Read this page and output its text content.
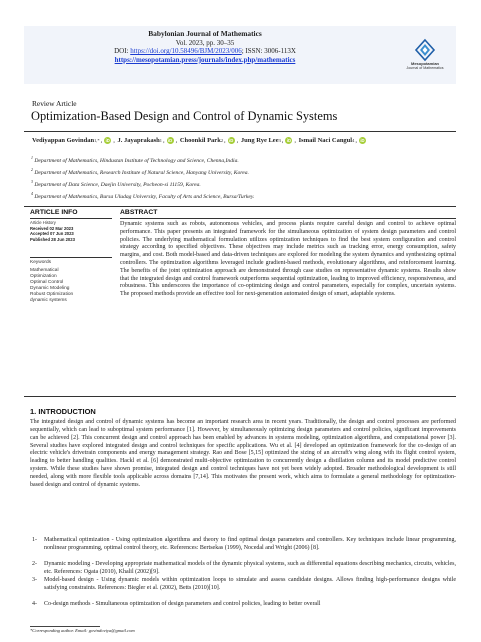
Babylonian Journal of Mathematics
Vol. 2023, pp. 30–35
DOI: https://doi.org/10.58496/BJM/2023/006; ISSN: 3006-113X
https://mesopotamian.press/journals/index.php/mathematics	Mesopotamian
Journal of Mathematics
Review Article
Optimization-Based Design and Control of Dynamic Systems
Vediyappan Govindan 1,* , iD , J. Jayaprakash 1 , iD , Choonkil Park 2 , iD , Jung Rye Lee 3 , iD , Ismail Naci Cangul 4 , iD
$^1$ Department of Mathematics, Hindustan Institute of Technology and Science, Chenna,India.
$^2$ Department of Mathematics, Research Institute of Natural Science, Hanyang University, Korea.
$^3$ Department of Data Science, Daejin University, Pocheon-si 11159, Korea.
$^4$ Department of Mathematics, Bursa Uludag University, Faculty of Arts and Science, Bursa/Turkey.
ARTICLE INFO
Article History
Received 02 Mar 2023
Accepted 07 Jun 2023
Published 28 Jun 2023
Keywords
Mathematical
Optimization
Optimal Control
Dynamic Modeling
Robust Optimization
dynamic systems
ABSTRACT
Dynamic systems such as robots, autonomous vehicles, and process plants require careful design and control to achieve optimal performance. This paper presents an integrated framework for the simultaneous optimization of system design parameters and control policies. The underlying mathematical formulation utilizes optimization techniques to find the best system configuration and control strategy according to specified objectives. These objectives may include metrics such as tracking error, energy consumption, safety margins, and cost. Both model-based and data-driven techniques are explored for modeling the system dynamics and synthesizing optimal controllers. The optimization algorithms leveraged include gradient-based methods, evolutionary algorithms, and reinforcement learning. The benefits of the joint optimization approach are demonstrated through case studies on representative dynamic systems. Results show that the integrated design and control framework outperforms sequential optimization, leading to improved efficiency, responsiveness, and robustness. This underscores the importance of co-optimizing design and control parameters, especially for complex, uncertain systems. The proposed methods provide an effective tool for next-generation automated design of smart, adaptable systems.
1. INTRODUCTION
The integrated design and control of dynamic systems has become an important research area in recent years. Traditionally, the design and control processes are performed sequentially, which can lead to suboptimal system performance [1]. However, by simultaneously optimizing design parameters and control policies, significant improvements can be achieved [2]. This concurrent design and control approach has been enabled by advances in systems modeling, optimization algorithms, and computational power [3]. Several studies have explored integrated design and control techniques for specific applications. Wu et al. [4] developed an optimization framework for the co-design of an electric vehicle's drivetrain components and energy management strategy. Rao and Bose [5,15] optimized the sizing of an aircraft's wing along with its flight control system, leading to better handling qualities. Hackl et al. [6] demonstrated multi-objective optimization to concurrently design a distillation column and its model predictive control system. While these studies have shown promise, integrated design and control techniques have not yet been widely adopted. Broader methodological development is still needed, along with more flexible tools applicable across domains [7,14]. This motivates the present work, which aims to formulate a general methodology for optimization-based design and control of dynamic systems.
1- Mathematical optimization - Using optimization algorithms and theory to find optimal design parameters and controllers. Key techniques include linear programming, nonlinear programming, optimal control theory, etc. References: Bertsekas (1999), Nocedal and Wright (2006) [8].
2- Dynamic modeling - Developing appropriate mathematical models of the dynamic physical systems, such as differential equations describing mechanics, circuits, vehicles, etc. References: Ogata (2010), Khalil (2002)[9].
3- Model-based design - Using dynamic models within optimization loops to simulate and assess candidate designs. Allows finding high-performance designs while satisfying constraints. References: Biegler et al. (2002), Betts (2010)[10].
4- Co-design methods - Simultaneous optimization of design parameters and control policies, leading to better overall
*Corresponding author. Email: govindoviya@gmail.com
